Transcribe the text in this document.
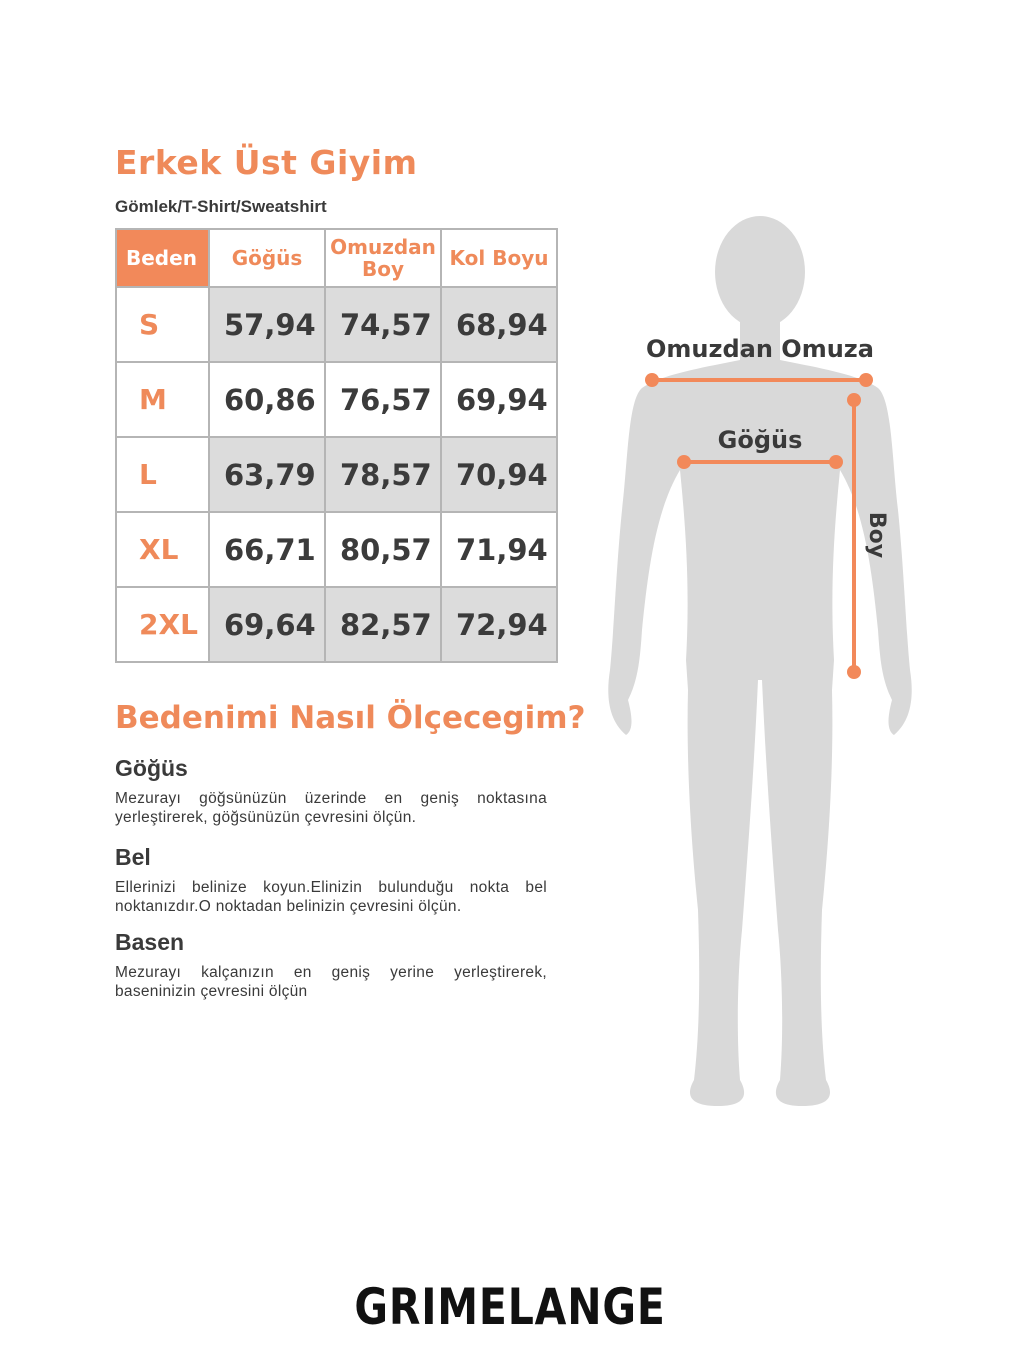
Erkek Üst Giyim
Gömlek/T-Shirt/Sweatshirt
Beden	Göğüs	Omuzdan Boy	Kol Boyu
S	57,94	74,57	68,94
M	60,86	76,57	69,94
L	63,79	78,57	70,94
XL	66,71	80,57	71,94
2XL	69,64	82,57	72,94
Bedenimi Nasıl Ölçecegim?
Göğüs

Mezurayı göğsünüzün üzerinde en geniş noktasına yerleştirerek, göğsünüzün çevresini ölçün.

Bel

Ellerinizi belinize koyun.Elinizin bulunduğu nokta bel noktanızdır.O noktadan belinizin çevresini ölçün.

Basen

Mezurayı kalçanızın en geniş yerine yerleştirerek, baseninizin çevresini ölçün

Omuzdan Omuza
Göğüs
Boy
GRIMELANGE
